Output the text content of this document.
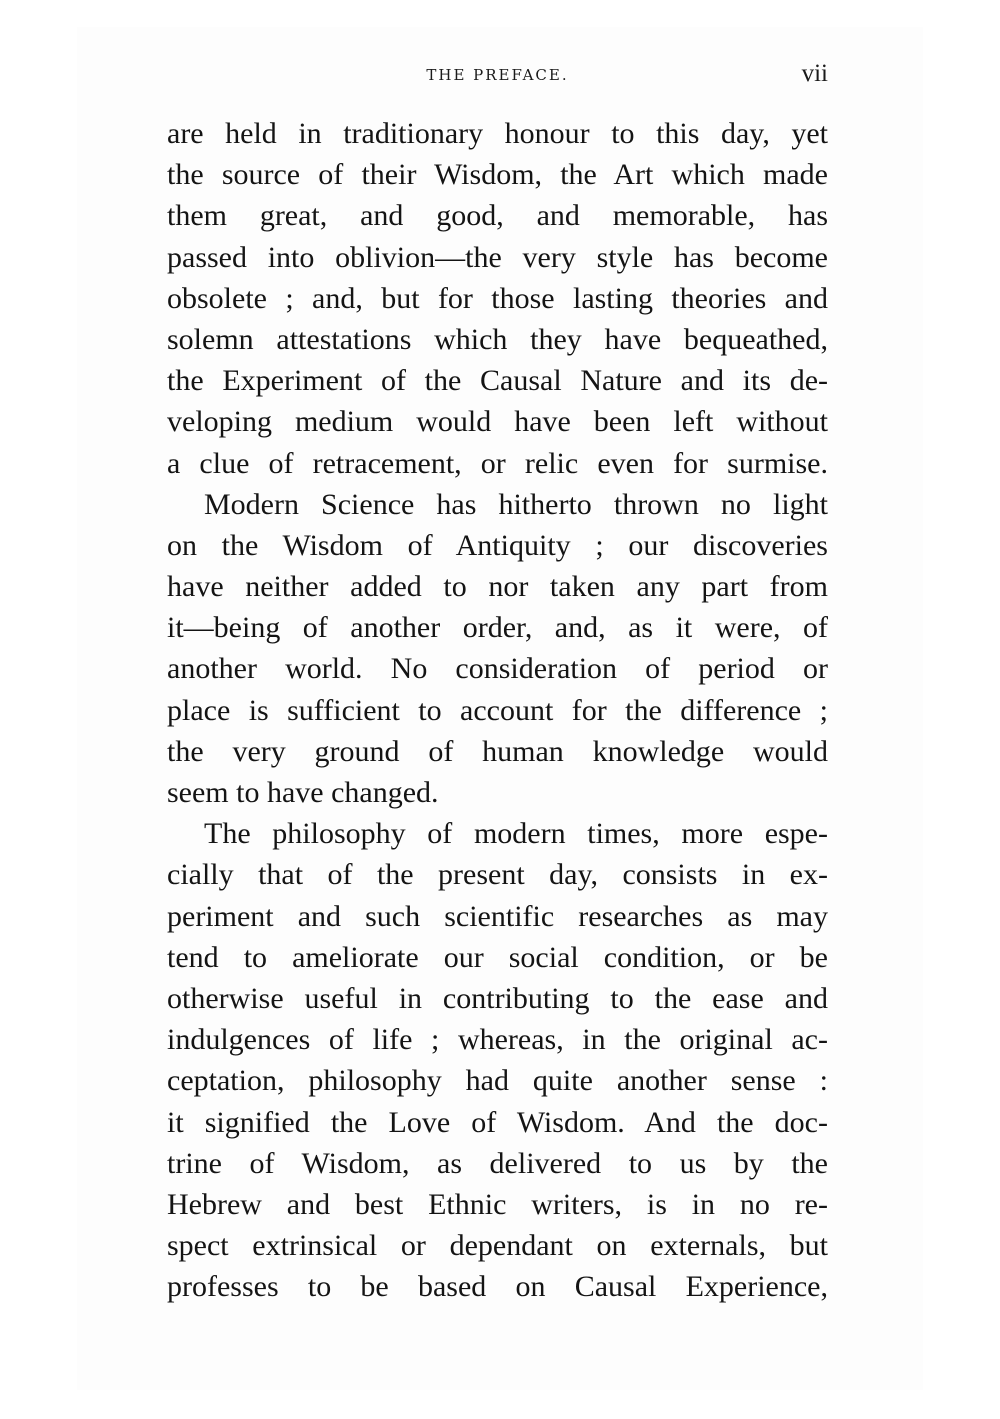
THE PREFACE.	vii
are held in traditionary honour to this day, yet
the source of their Wisdom, the Art which made
them great, and good, and memorable, has
passed into oblivion—the very style has become
obsolete ; and, but for those lasting theories and
solemn attestations which they have bequeathed,
the Experiment of the Causal Nature and its de-
veloping medium would have been left without
a clue of retracement, or relic even for surmise.
Modern Science has hitherto thrown no light
on the Wisdom of Antiquity ; our discoveries
have neither added to nor taken any part from
it—being of another order, and, as it were, of
another world. No consideration of period or
place is sufficient to account for the difference ;
the very ground of human knowledge would
seem to have changed.
The philosophy of modern times, more espe-
cially that of the present day, consists in ex-
periment and such scientific researches as may
tend to ameliorate our social condition, or be
otherwise useful in contributing to the ease and
indulgences of life ; whereas, in the original ac-
ceptation, philosophy had quite another sense :
it signified the Love of Wisdom. And the doc-
trine of Wisdom, as delivered to us by the
Hebrew and best Ethnic writers, is in no re-
spect extrinsical or dependant on externals, but
professes to be based on Causal Experience,
